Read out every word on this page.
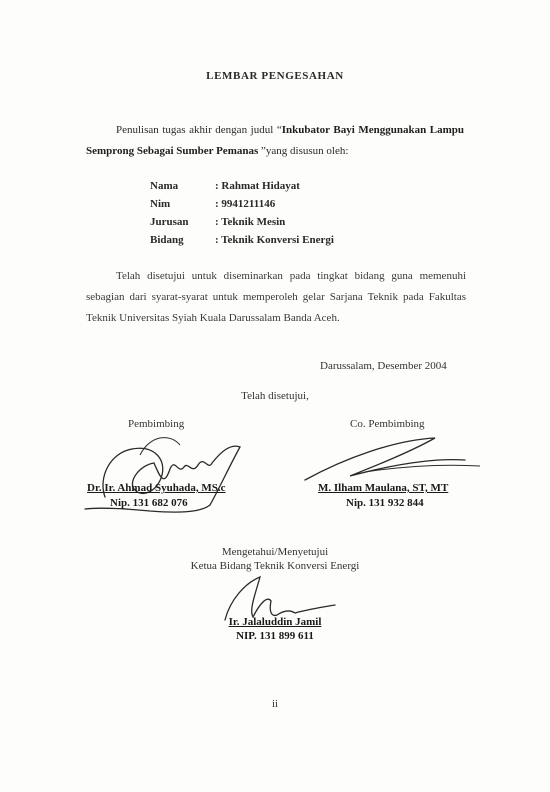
LEMBAR PENGESAHAN
Penulisan tugas akhir dengan judul “Inkubator Bayi Menggunakan Lampu Semprong Sebagai Sumber Pemanas ”yang disusun oleh:
Nama	: Rahmat Hidayat
Nim	: 9941211146
Jurusan	: Teknik Mesin
Bidang	: Teknik Konversi Energi
Telah disetujui untuk diseminarkan pada tingkat bidang guna memenuhi sebagian dari syarat-syarat untuk memperoleh gelar Sarjana Teknik pada Fakultas Teknik Universitas Syiah Kuala Darussalam Banda Aceh.
Darussalam, Desember 2004
Telah disetujui,
Pembimbing
Dr. Ir. Ahmad Syuhada, MS.c
Nip. 131 682 076
Co. Pembimbing
M. Ilham Maulana, ST, MT
Nip. 131 932 844
Mengetahui/Menyetujui
Ketua Bidang Teknik Konversi Energi
Ir. Jalaluddin Jamil
NIP. 131 899 611
ii
